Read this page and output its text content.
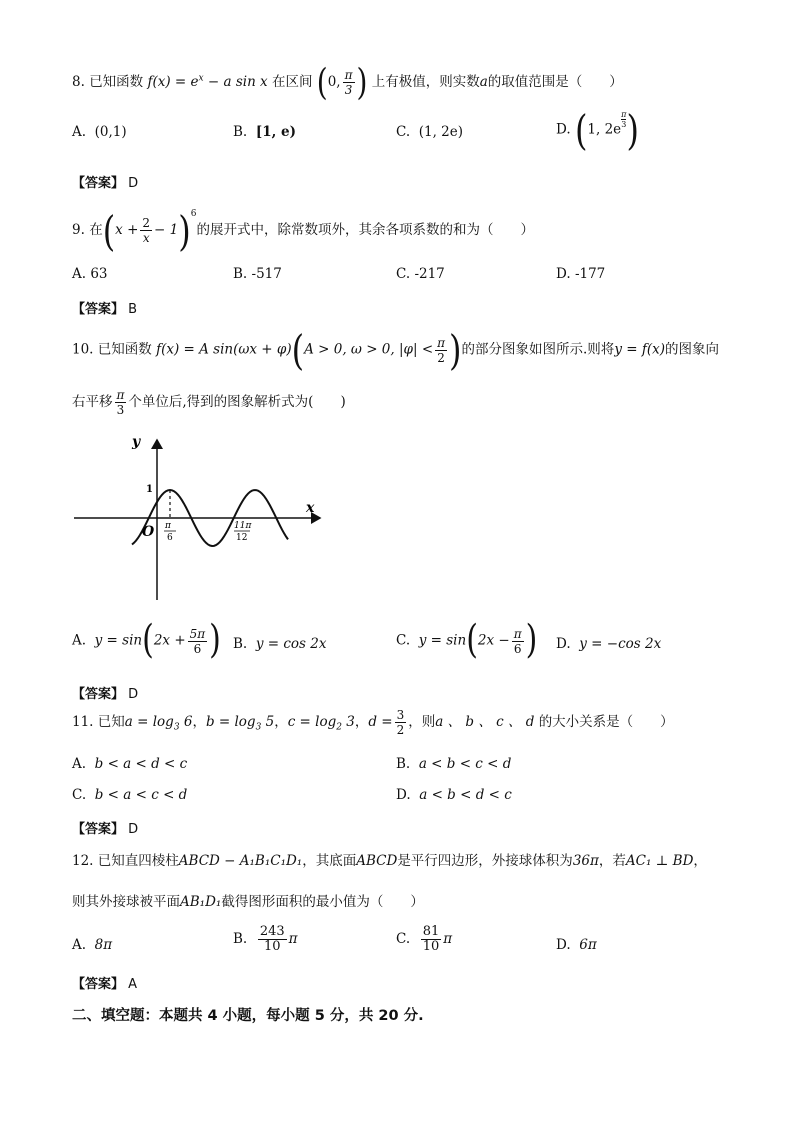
8. 已知函数 $f(x) = e^x - a$ sin x 在区间 (0, $\frac{\pi}{3}$ ) 上有极值，则实数a的取值范围是（　　）
A. (0,1)	B. [1, e)	C. (1, 2e)	D. (1, 2e
$\frac{\pi}{3}$ )
【答案】 D
9. 在$(x + \frac{2}{x} - 1)^6$的展开式中，除常数项外，其余各项系数的和为（　　）
A. 63	B. -517	C. -217	D. -177
【答案】 B
10. 已知函数 f(x) = A sin(ωx + φ)(A > 0, ω > 0, $|\varphi| < \frac{\pi}{2}$ )的部分图象如图所示.则将y = f(x)的图象向
右平移 $\frac{\pi}{3}$ 个单位后,得到的图象解析式为(　　)
y
x
O
1
π
6
11π
12
A. $y = \sin(2x + \frac{5\pi}{6}$ ) B. y = cos 2x	C. $y = \sin(2x - \frac{\pi}{6}$ ) D. y = −cos 2x
【答案】 D
11. 已知$a = \log_3 6$，$b = \log_3 5$，$c = \log_2 3$，$d = \frac{3}{2}$ ，则a 、 b 、 c 、 d 的大小关系是（　　）
A. b < a < d < c	B. a < b < c < d
C. b < a < c < d	D. a < b < d < c
【答案】 D
12. 已知直四棱柱ABCD − A₁B₁C₁D₁，其底面ABCD是平行四边形，外接球体积为36π，若AC₁ ⊥ BD，
则其外接球被平面AB₁D₁截得图形面积的最小值为（　　）
A. 8π	B. $\frac{243}{10}$ π	C. $\frac{81}{10}$ π	D. 6π
【答案】 A
二、填空题：本题共 4 小题，每小题 5 分，共 20 分.
